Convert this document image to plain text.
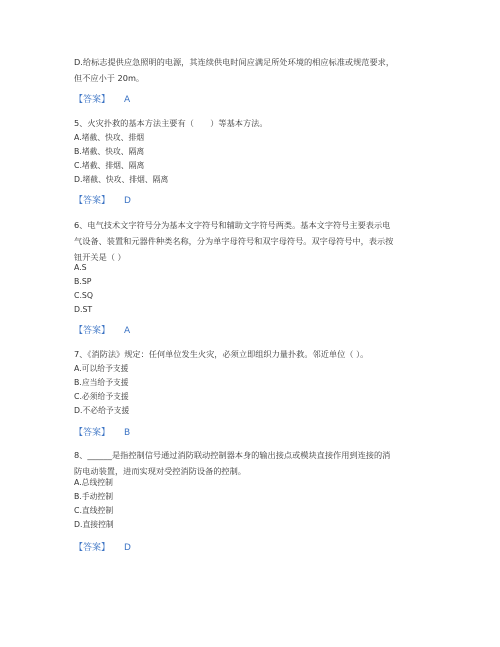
D.给标志提供应急照明的电源，其连续供电时间应满足所处环境的相应标准或规范要求，
但不应小于 20m。
【答案】 A
5、火灾扑救的基本方法主要有（　　）等基本方法。
A.堵截、快攻、排烟
B.堵截、快攻、隔离
C.堵截、排烟、隔离
D.堵截、快攻、排烟、隔离
【答案】 D
6、电气技术文字符号分为基本文字符号和辅助文字符号两类。基本文字符号主要表示电
气设备、装置和元器件种类名称，分为单字母符号和双字母符号。双字母符号中，表示按
钮开关是（ ）
A.S
B.SP
C.SQ
D.ST
【答案】 A
7、《消防法》规定：任何单位发生火灾，必须立即组织力量扑救。邻近单位（ ）。
A.可以给予支援
B.应当给予支援
C.必须给予支援
D.不必给予支援
【答案】 B
8、______是指控制信号通过消防联动控制器本身的输出接点或模块直接作用到连接的消
防电动装置，进而实现对受控消防设备的控制。
A.总线控制
B.手动控制
C.直线控制
D.直接控制
【答案】 D
